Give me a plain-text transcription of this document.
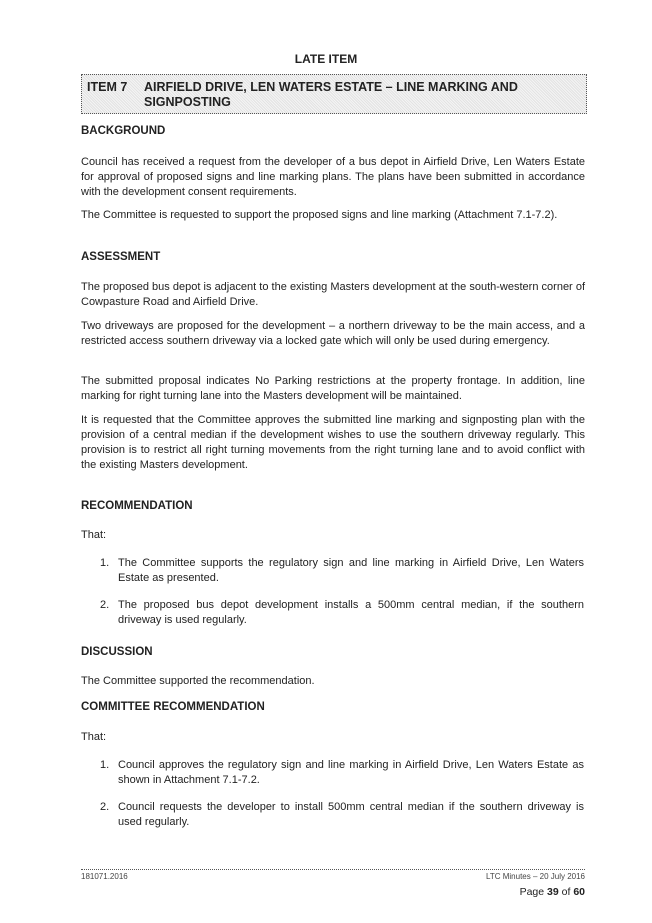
LATE ITEM
ITEM 7 AIRFIELD DRIVE, LEN WATERS ESTATE – LINE MARKING AND SIGNPOSTING
BACKGROUND
Council has received a request from the developer of a bus depot in Airfield Drive, Len Waters Estate for approval of proposed signs and line marking plans. The plans have been submitted in accordance with the development consent requirements.
The Committee is requested to support the proposed signs and line marking (Attachment 7.1-7.2).
ASSESSMENT
The proposed bus depot is adjacent to the existing Masters development at the south-western corner of Cowpasture Road and Airfield Drive.
Two driveways are proposed for the development – a northern driveway to be the main access, and a restricted access southern driveway via a locked gate which will only be used during emergency.
The submitted proposal indicates No Parking restrictions at the property frontage. In addition, line marking for right turning lane into the Masters development will be maintained.
It is requested that the Committee approves the submitted line marking and signposting plan with the provision of a central median if the development wishes to use the southern driveway regularly. This provision is to restrict all right turning movements from the right turning lane and to avoid conflict with the existing Masters development.
RECOMMENDATION
That:
1. The Committee supports the regulatory sign and line marking in Airfield Drive, Len Waters Estate as presented.
2. The proposed bus depot development installs a 500mm central median, if the southern driveway is used regularly.
DISCUSSION
The Committee supported the recommendation.
COMMITTEE RECOMMENDATION
That:
1. Council approves the regulatory sign and line marking in Airfield Drive, Len Waters Estate as shown in Attachment 7.1-7.2.
2. Council requests the developer to install 500mm central median if the southern driveway is used regularly.
181071.2016	LTC Minutes – 20 July 2016
Page 39 of 60
